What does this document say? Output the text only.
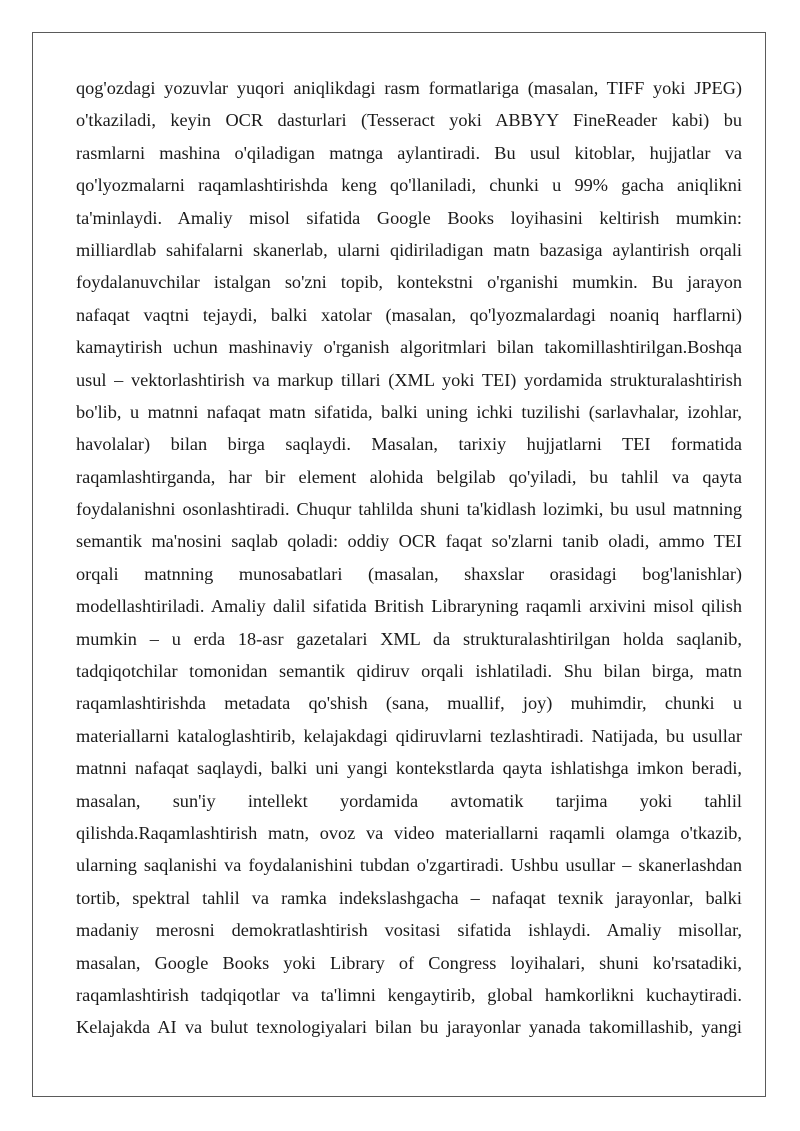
qog'ozdagi yozuvlar yuqori aniqlikdagi rasm formatlariga (masalan, TIFF yoki JPEG)
o'tkaziladi, keyin OCR dasturlari (Tesseract yoki ABBYY FineReader kabi) bu
rasmlarni mashina o'qiladigan matnga aylantiradi. Bu usul kitoblar, hujjatlar va
qo'lyozmalarni raqamlashtirishda keng qo'llaniladi, chunki u 99% gacha aniqlikni
ta'minlaydi. Amaliy misol sifatida Google Books loyihasini keltirish mumkin:
milliardlab sahifalarni skanerlab, ularni qidiriladigan matn bazasiga aylantirish orqali
foydalanuvchilar istalgan so'zni topib, kontekstni o'rganishi mumkin. Bu jarayon
nafaqat vaqtni tejaydi, balki xatolar (masalan, qo'lyozmalardagi noaniq harflarni)
kamaytirish uchun mashinaviy o'rganish algoritmlari bilan takomillashtirilgan.Boshqa
usul – vektorlashtirish va markup tillari (XML yoki TEI) yordamida strukturalashtirish
bo'lib, u matnni nafaqat matn sifatida, balki uning ichki tuzilishi (sarlavhalar, izohlar,
havolalar) bilan birga saqlaydi. Masalan, tarixiy hujjatlarni TEI formatida
raqamlashtirganda, har bir element alohida belgilab qo'yiladi, bu tahlil va qayta
foydalanishni osonlashtiradi. Chuqur tahlilda shuni ta'kidlash lozimki, bu usul matnning
semantik ma'nosini saqlab qoladi: oddiy OCR faqat so'zlarni tanib oladi, ammo TEI
orqali matnning munosabatlari (masalan, shaxslar orasidagi bog'lanishlar)
modellashtiriladi. Amaliy dalil sifatida British Libraryning raqamli arxivini misol qilish
mumkin – u erda 18-asr gazetalari XML da strukturalashtirilgan holda saqlanib,
tadqiqotchilar tomonidan semantik qidiruv orqali ishlatiladi. Shu bilan birga, matn
raqamlashtirishda metadata qo'shish (sana, muallif, joy) muhimdir, chunki u
materiallarni kataloglashtirib, kelajakdagi qidiruvlarni tezlashtiradi. Natijada, bu usullar
matnni nafaqat saqlaydi, balki uni yangi kontekstlarda qayta ishlatishga imkon beradi,
masalan, sun'iy intellekt yordamida avtomatik tarjima yoki tahlil
qilishda.Raqamlashtirish matn, ovoz va video materiallarni raqamli olamga o'tkazib,
ularning saqlanishi va foydalanishini tubdan o'zgartiradi. Ushbu usullar – skanerlashdan
tortib, spektral tahlil va ramka indekslashgacha – nafaqat texnik jarayonlar, balki
madaniy merosni demokratlashtirish vositasi sifatida ishlaydi. Amaliy misollar,
masalan, Google Books yoki Library of Congress loyihalari, shuni ko'rsatadiki,
raqamlashtirish tadqiqotlar va ta'limni kengaytirib, global hamkorlikni kuchaytiradi.
Kelajakda AI va bulut texnologiyalari bilan bu jarayonlar yanada takomillashib, yangi
